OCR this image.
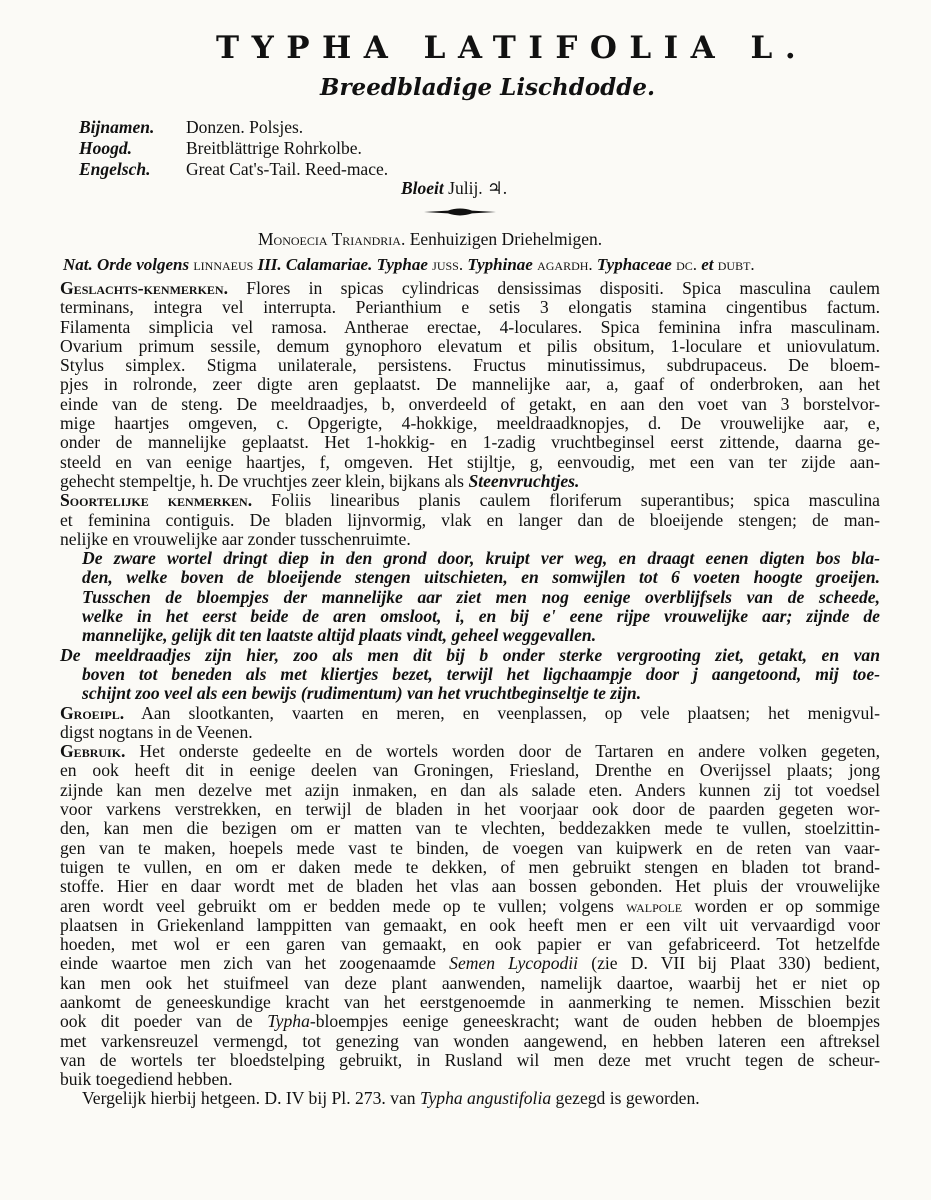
TYPHA LATIFOLIA L.
Breedbladige Lischdodde.
Bijnamen.	Donzen. Polsjes.
Hoogd.	Breitblättrige Rohrkolbe.
Engelsch.	Great Cat's-Tail. Reed-mace.
Bloeit Julij. ♃.
Monoecia Triandria. Eenhuizigen Driehelmigen.
Nat. Orde volgens linnaeus III. Calamariae. Typhae juss. Typhinae agardh. Typhaceae dc. et dubt.
Geslachts-kenmerken. Flores in spicas cylindricas densissimas dispositi. Spica masculina caulem
terminans, integra vel interrupta. Perianthium e setis 3 elongatis stamina cingentibus factum.
Filamenta simplicia vel ramosa. Antherae erectae, 4-loculares. Spica feminina infra masculinam.
Ovarium primum sessile, demum gynophoro elevatum et pilis obsitum, 1-loculare et uniovulatum.
Stylus simplex. Stigma unilaterale, persistens. Fructus minutissimus, subdrupaceus. De bloem-
pjes in rolronde, zeer digte aren geplaatst. De mannelijke aar, a, gaaf of onderbroken, aan het
einde van de steng. De meeldraadjes, b, onverdeeld of getakt, en aan den voet van 3 borstelvor-
mige haartjes omgeven, c. Opgerigte, 4-hokkige, meeldraadknopjes, d. De vrouwelijke aar, e,
onder de mannelijke geplaatst. Het 1-hokkig- en 1-zadig vruchtbeginsel eerst zittende, daarna ge-
steeld en van eenige haartjes, f, omgeven. Het stijltje, g, eenvoudig, met een van ter zijde aan-
gehecht stempeltje, h. De vruchtjes zeer klein, bijkans als Steenvruchtjes.
Soortelijke kenmerken. Foliis linearibus planis caulem floriferum superantibus; spica masculina
et feminina contiguis. De bladen lijnvormig, vlak en langer dan de bloeijende stengen; de man-
nelijke en vrouwelijke aar zonder tusschenruimte.
De zware wortel dringt diep in den grond door, kruipt ver weg, en draagt eenen digten bos bla-
den, welke boven de bloeijende stengen uitschieten, en somwijlen tot 6 voeten hoogte groeijen.
Tusschen de bloempjes der mannelijke aar ziet men nog eenige overblijfsels van de scheede,
welke in het eerst beide de aren omsloot, i, en bij e' eene rijpe vrouwelijke aar; zijnde de
mannelijke, gelijk dit ten laatste altijd plaats vindt, geheel weggevallen.
De meeldraadjes zijn hier, zoo als men dit bij b onder sterke vergrooting ziet, getakt, en van
boven tot beneden als met kliertjes bezet, terwijl het ligchaampje door j aangetoond, mij toe-
schijnt zoo veel als een bewijs (rudimentum) van het vruchtbeginseltje te zijn.
Groeipl. Aan slootkanten, vaarten en meren, en veenplassen, op vele plaatsen; het menigvul-
digst nogtans in de Veenen.
Gebruik. Het onderste gedeelte en de wortels worden door de Tartaren en andere volken gegeten,
en ook heeft dit in eenige deelen van Groningen, Friesland, Drenthe en Overijssel plaats; jong
zijnde kan men dezelve met azijn inmaken, en dan als salade eten. Anders kunnen zij tot voedsel
voor varkens verstrekken, en terwijl de bladen in het voorjaar ook door de paarden gegeten wor-
den, kan men die bezigen om er matten van te vlechten, beddezakken mede te vullen, stoelzittin-
gen van te maken, hoepels mede vast te binden, de voegen van kuipwerk en de reten van vaar-
tuigen te vullen, en om er daken mede te dekken, of men gebruikt stengen en bladen tot brand-
stoffe. Hier en daar wordt met de bladen het vlas aan bossen gebonden. Het pluis der vrouwelijke
aren wordt veel gebruikt om er bedden mede op te vullen; volgens walpole worden er op sommige
plaatsen in Griekenland lamppitten van gemaakt, en ook heeft men er een vilt uit vervaardigd voor
hoeden, met wol er een garen van gemaakt, en ook papier er van gefabriceerd. Tot hetzelfde
einde waartoe men zich van het zoogenaamde Semen Lycopodii (zie D. VII bij Plaat 330) bedient,
kan men ook het stuifmeel van deze plant aanwenden, namelijk daartoe, waarbij het er niet op
aankomt de geneeskundige kracht van het eerstgenoemde in aanmerking te nemen. Misschien bezit
ook dit poeder van de Typha-bloempjes eenige geneeskracht; want de ouden hebben de bloempjes
met varkensreuzel vermengd, tot genezing van wonden aangewend, en hebben lateren een aftreksel
van de wortels ter bloedstelping gebruikt, in Rusland wil men deze met vrucht tegen de scheur-
buik toegediend hebben.
Vergelijk hierbij hetgeen. D. IV bij Pl. 273. van Typha angustifolia gezegd is geworden.
